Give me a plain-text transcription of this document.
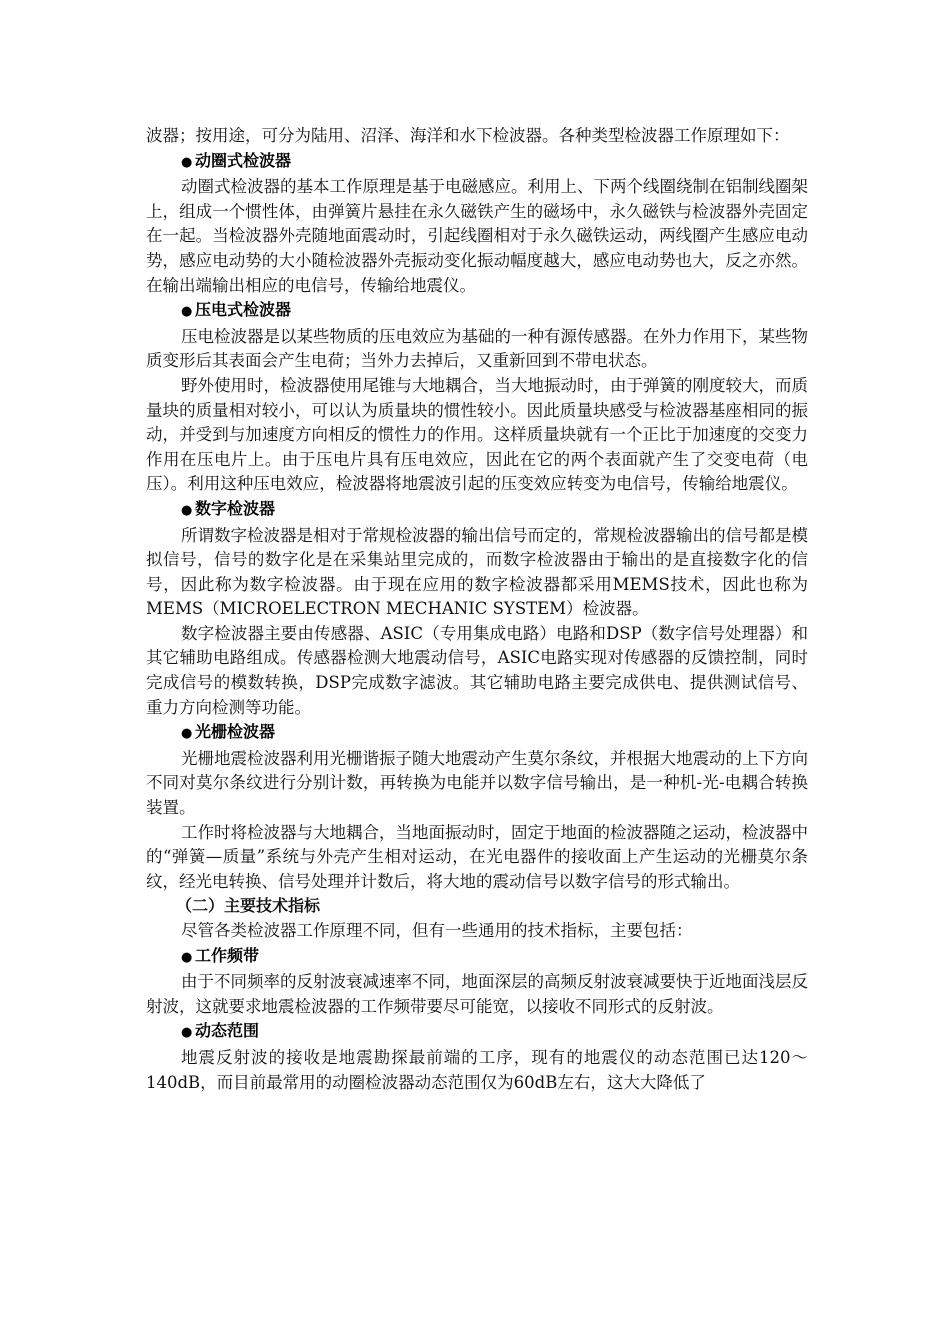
波器；按用途，可分为陆用、沼泽、海洋和水下检波器。各种类型检波器工作原理如下：

● 动圈式检波器

动圈式检波器的基本工作原理是基于电磁感应。利用上、下两个线圈绕制在铝制线圈架上，组成一个惯性体，由弹簧片悬挂在永久磁铁产生的磁场中，永久磁铁与检波器外壳固定在一起。当检波器外壳随地面震动时，引起线圈相对于永久磁铁运动，两线圈产生感应电动势，感应电动势的大小随检波器外壳振动变化振动幅度越大，感应电动势也大，反之亦然。在输出端输出相应的电信号，传输给地震仪。

● 压电式检波器

压电检波器是以某些物质的压电效应为基础的一种有源传感器。在外力作用下，某些物质变形后其表面会产生电荷；当外力去掉后，又重新回到不带电状态。

野外使用时，检波器使用尾锥与大地耦合，当大地振动时，由于弹簧的刚度较大，而质量块的质量相对较小，可以认为质量块的惯性较小。因此质量块感受与检波器基座相同的振动，并受到与加速度方向相反的惯性力的作用。这样质量块就有一个正比于加速度的交变力作用在压电片上。由于压电片具有压电效应，因此在它的两个表面就产生了交变电荷（电压）。利用这种压电效应，检波器将地震波引起的压变效应转变为电信号，传输给地震仪。

● 数字检波器

所谓数字检波器是相对于常规检波器的输出信号而定的，常规检波器输出的信号都是模拟信号，信号的数字化是在采集站里完成的，而数字检波器由于输出的是直接数字化的信号，因此称为数字检波器。由于现在应用的数字检波器都采用MEMS技术，因此也称为MEMS（MICROELECTRON MECHANIC SYSTEM）检波器。

数字检波器主要由传感器、ASIC（专用集成电路）电路和DSP（数字信号处理器）和其它辅助电路组成。传感器检测大地震动信号，ASIC电路实现对传感器的反馈控制，同时完成信号的模数转换，DSP完成数字滤波。其它辅助电路主要完成供电、提供测试信号、重力方向检测等功能。

● 光栅检波器

光栅地震检波器利用光栅谐振子随大地震动产生莫尔条纹，并根据大地震动的上下方向不同对莫尔条纹进行分别计数，再转换为电能并以数字信号输出，是一种机-光-电耦合转换装置。

工作时将检波器与大地耦合，当地面振动时，固定于地面的检波器随之运动，检波器中的“弹簧—质量”系统与外壳产生相对运动，在光电器件的接收面上产生运动的光栅莫尔条纹，经光电转换、信号处理并计数后，将大地的震动信号以数字信号的形式输出。

（二）主要技术指标

尽管各类检波器工作原理不同，但有一些通用的技术指标，主要包括：

● 工作频带

由于不同频率的反射波衰减速率不同，地面深层的高频反射波衰减要快于近地面浅层反射波，这就要求地震检波器的工作频带要尽可能宽，以接收不同形式的反射波。

● 动态范围

地震反射波的接收是地震勘探最前端的工序，现有的地震仪的动态范围已达120～140dB，而目前最常用的动圈检波器动态范围仅为60dB左右，这大大降低了
